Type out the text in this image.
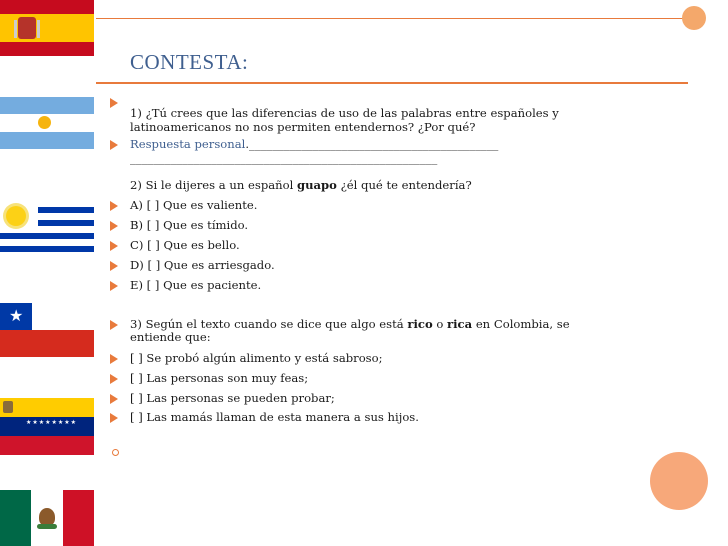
★
★★★★★★★★
CONTESTA:
1) ¿Tú crees que las diferencias de uso de las palabras entre españoles y
latinoamericanos no nos permiten entendernos? ¿Por qué?
Respuesta personal.___________________________________________
_____________________________________________________
2) Si le dijeres a un español guapo ¿él qué te entendería?
A) [ ] Que es valiente.
B) [ ] Que es tímido.
C) [ ] Que es bello.
D) [ ] Que es arriesgado.
E) [ ] Que es paciente.
3) Según el texto cuando se dice que algo está rico o rica en Colombia, se
entiende que:
[ ] Se probó algún alimento y está sabroso;
[ ] Las personas son muy feas;
[ ] Las personas se pueden probar;
[ ] Las mamás llaman de esta manera a sus hijos.
